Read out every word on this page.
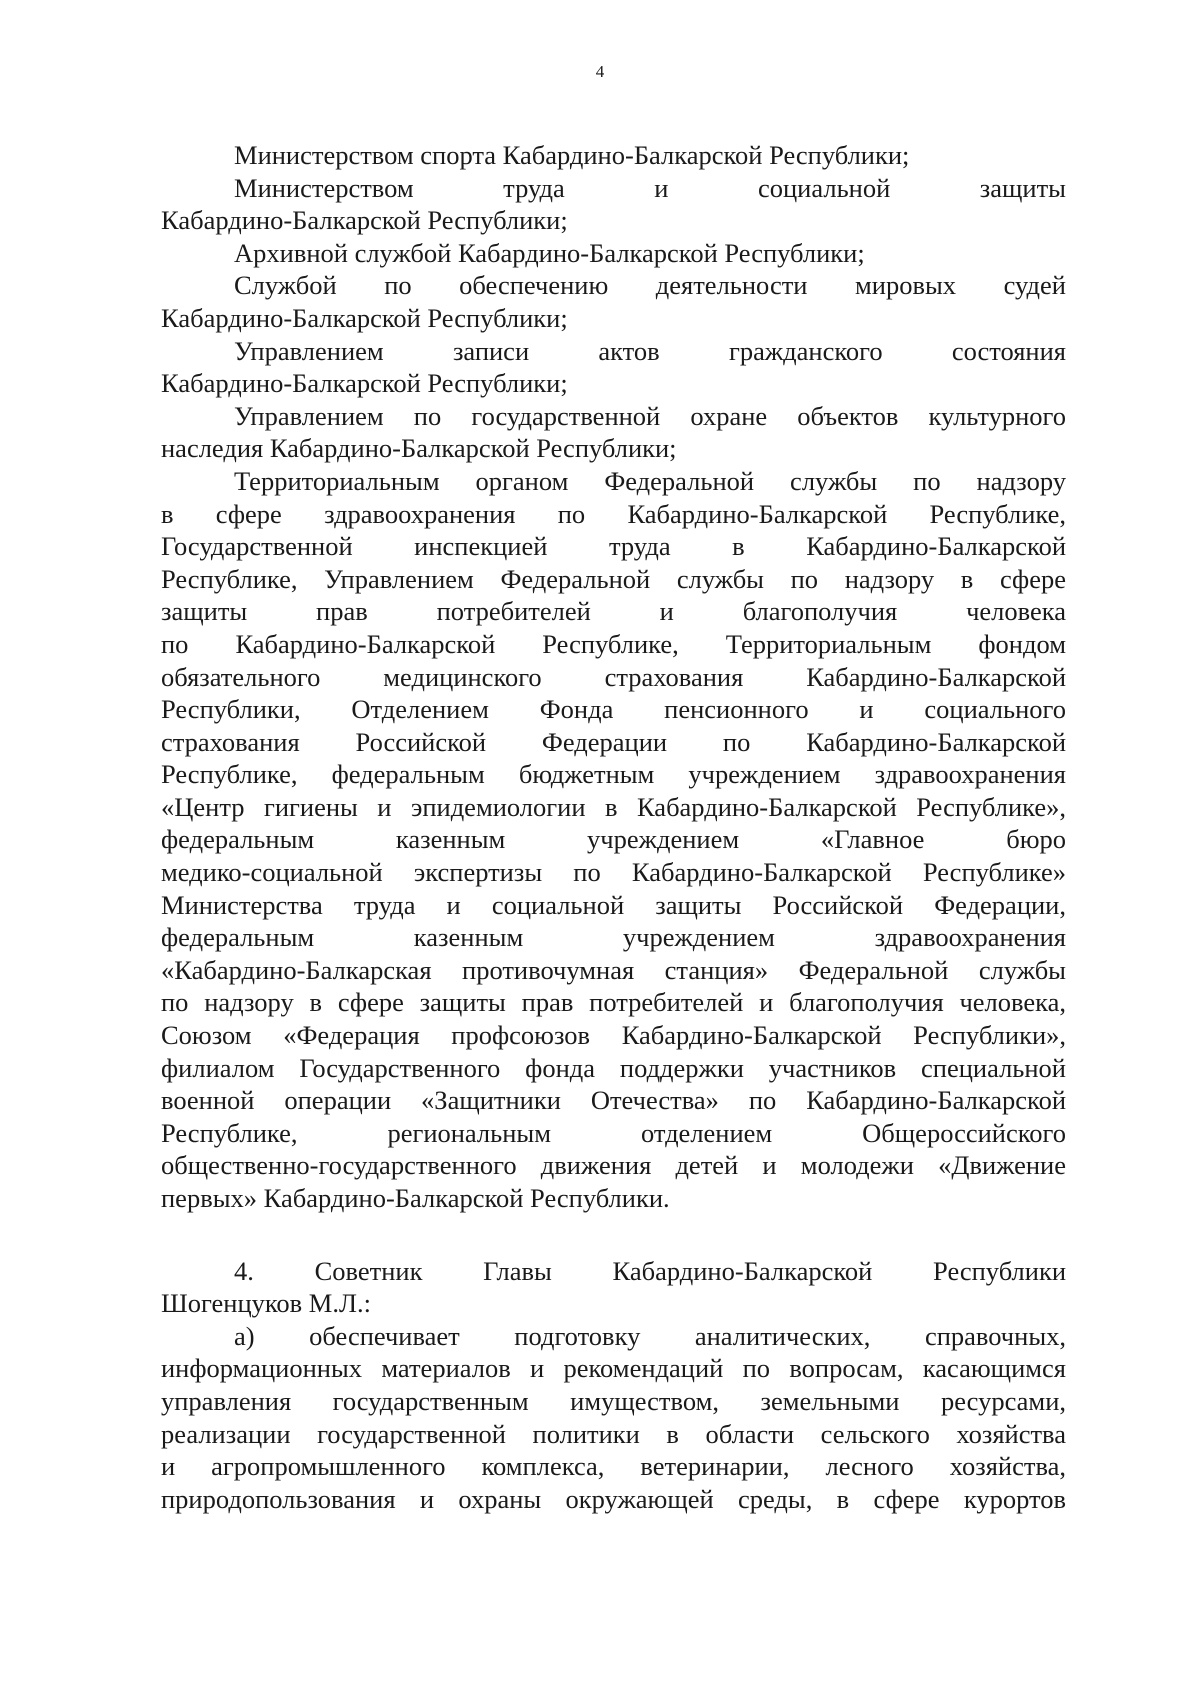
4
Министерством спорта Кабардино-Балкарской Республики;
Министерством труда и социальной защиты
Кабардино-Балкарской Республики;
Архивной службой Кабардино-Балкарской Республики;
Службой по обеспечению деятельности мировых судей
Кабардино-Балкарской Республики;
Управлением записи актов гражданского состояния
Кабардино-Балкарской Республики;
Управлением по государственной охране объектов культурного
наследия Кабардино-Балкарской Республики;
Территориальным органом Федеральной службы по надзору
в сфере здравоохранения по Кабардино-Балкарской Республике,
Государственной инспекцией труда в Кабардино-Балкарской
Республике, Управлением Федеральной службы по надзору в сфере
защиты прав потребителей и благополучия человека
по Кабардино-Балкарской Республике, Территориальным фондом
обязательного медицинского страхования Кабардино-Балкарской
Республики, Отделением Фонда пенсионного и социального
страхования Российской Федерации по Кабардино-Балкарской
Республике, федеральным бюджетным учреждением здравоохранения
«Центр гигиены и эпидемиологии в Кабардино-Балкарской Республике»,
федеральным казенным учреждением «Главное бюро
медико-социальной экспертизы по Кабардино-Балкарской Республике»
Министерства труда и социальной защиты Российской Федерации,
федеральным казенным учреждением здравоохранения
«Кабардино-Балкарская противочумная станция» Федеральной службы
по надзору в сфере защиты прав потребителей и благополучия человека,
Союзом «Федерация профсоюзов Кабардино-Балкарской Республики»,
филиалом Государственного фонда поддержки участников специальной
военной операции «Защитники Отечества» по Кабардино-Балкарской
Республике, региональным отделением Общероссийского
общественно-государственного движения детей и молодежи «Движение
первых» Кабардино-Балкарской Республики.
4. Советник Главы Кабардино-Балкарской Республики
Шогенцуков М.Л.:
а) обеспечивает подготовку аналитических, справочных,
информационных материалов и рекомендаций по вопросам, касающимся
управления государственным имуществом, земельными ресурсами,
реализации государственной политики в области сельского хозяйства
и агропромышленного комплекса, ветеринарии, лесного хозяйства,
природопользования и охраны окружающей среды, в сфере курортов
